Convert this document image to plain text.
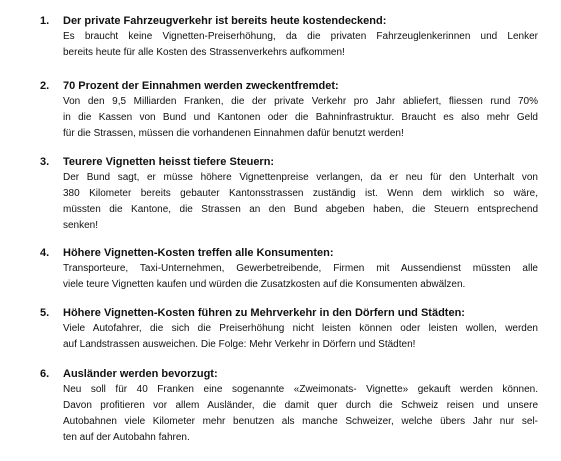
1. Der private Fahrzeugverkehr ist bereits heute kostendeckend:
Es braucht keine Vignetten-Preiserhöhung, da die privaten Fahrzeuglenkerinnen und Lenker
bereits heute für alle Kosten des Strassenverkehrs aufkommen!
2. 70 Prozent der Einnahmen werden zweckentfremdet:
Von den 9,5 Milliarden Franken, die der private Verkehr pro Jahr abliefert, fliessen rund 70%
in die Kassen von Bund und Kantonen oder die Bahninfrastruktur. Braucht es also mehr Geld
für die Strassen, müssen die vorhandenen Einnahmen dafür benutzt werden!
3. Teurere Vignetten heisst tiefere Steuern:
Der Bund sagt, er müsse höhere Vignettenpreise verlangen, da er neu für den Unterhalt von
380 Kilometer bereits gebauter Kantonsstrassen zuständig ist. Wenn dem wirklich so wäre,
müssten die Kantone, die Strassen an den Bund abgeben haben, die Steuern entsprechend
senken!
4. Höhere Vignetten-Kosten treffen alle Konsumenten:
Transporteure, Taxi-Unternehmen, Gewerbetreibende, Firmen mit Aussendienst müssten alle
viele teure Vignetten kaufen und würden die Zusatzkosten auf die Konsumenten abwälzen.
5. Höhere Vignetten-Kosten führen zu Mehrverkehr in den Dörfern und Städten:
Viele Autofahrer, die sich die Preiserhöhung nicht leisten können oder leisten wollen, werden
auf Landstrassen ausweichen. Die Folge: Mehr Verkehr in Dörfern und Städten!
6. Ausländer werden bevorzugt:
Neu soll für 40 Franken eine sogenannte «Zweimonats- Vignette» gekauft werden können.
Davon profitieren vor allem Ausländer, die damit quer durch die Schweiz reisen und unsere
Autobahnen viele Kilometer mehr benutzen als manche Schweizer, welche übers Jahr nur sel-
ten auf der Autobahn fahren.
